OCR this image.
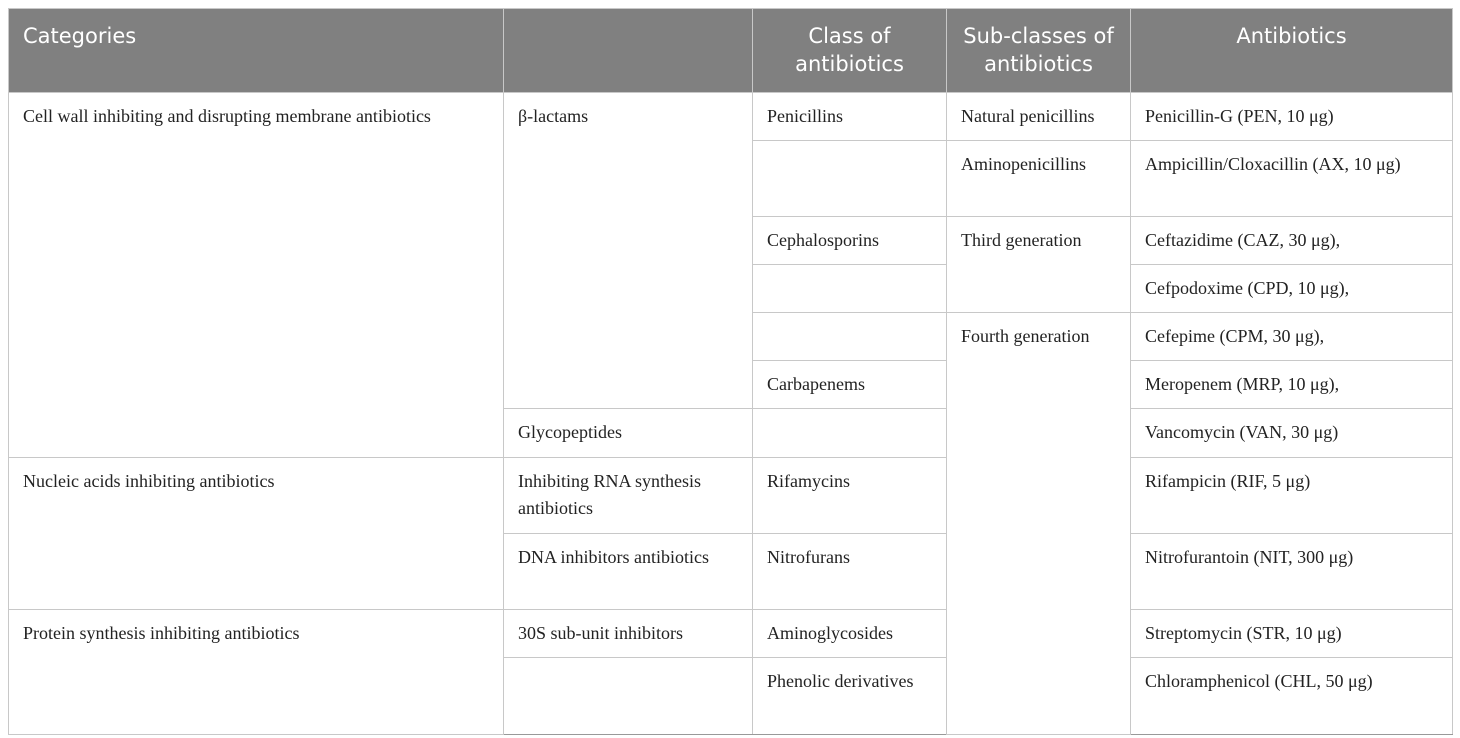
Categories		Class of antibiotics	Sub-classes of antibiotics	Antibiotics
Cell wall inhibiting and disrupting membrane antibiotics	β-lactams	Penicillins	Natural penicillins	Penicillin-G (PEN, 10 μg)
			Aminopenicillins	Ampicillin/Cloxacillin (AX, 10 μg)
		Cephalosporins	Third generation	Ceftazidime (CAZ, 30 μg),
				Cefpodoxime (CPD, 10 μg),
			Fourth generation	Cefepime (CPM, 30 μg),
		Carbapenems		Meropenem (MRP, 10 μg),
	Glycopeptides			Vancomycin (VAN, 30 μg)
Nucleic acids inhibiting antibiotics	Inhibiting RNA synthesis antibiotics	Rifamycins		Rifampicin (RIF, 5 μg)
	DNA inhibitors antibiotics	Nitrofurans		Nitrofurantoin (NIT, 300 μg)
Protein synthesis inhibiting antibiotics	30S sub-unit inhibitors	Aminoglycosides		Streptomycin (STR, 10 μg)
		Phenolic derivatives		Chloramphenicol (CHL, 50 μg)
